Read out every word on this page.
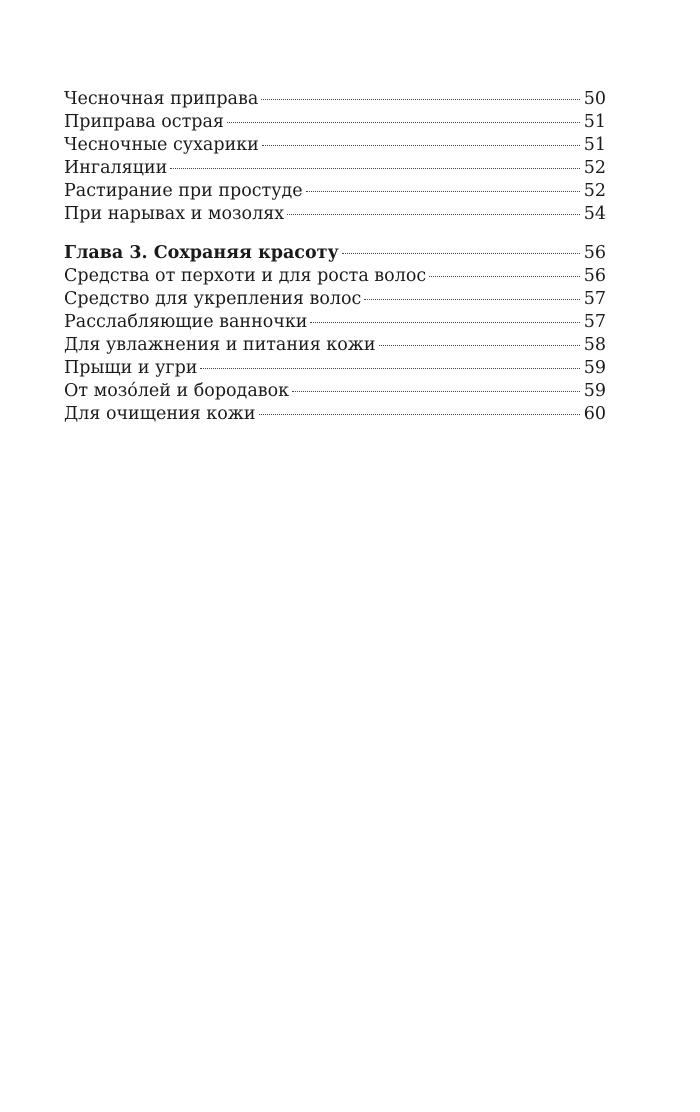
Чесночная приправа	50
Приправа острая	51
Чесночные сухарики	51
Ингаляции	52
Растирание при простуде	52
При нарывах и мозолях	54
Глава 3. Сохраняя красоту	56
Средства от перхоти и для роста волос	56
Средство для укрепления волос	57
Расслабляющие ванночки	57
Для увлажнения и питания кожи	58
Прыщи и угри	59
От мозóлей и бородавок	59
Для очищения кожи	60
